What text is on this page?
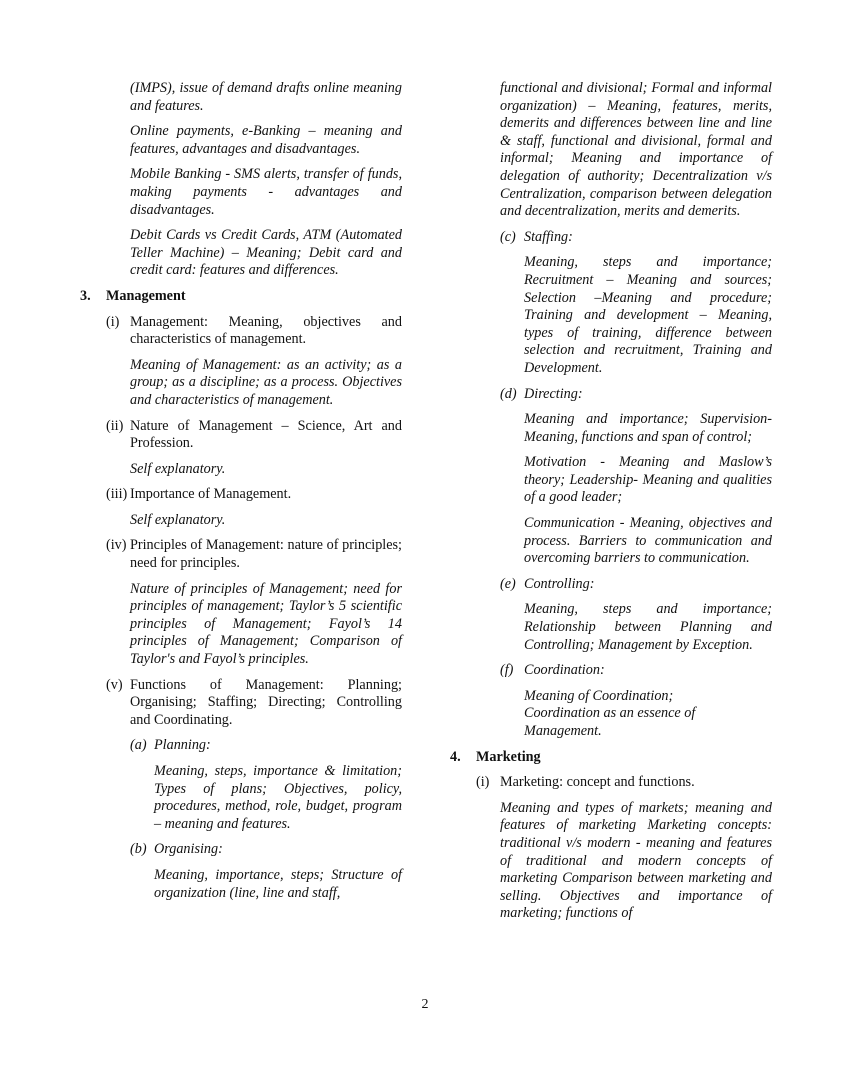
(IMPS), issue of demand drafts online meaning and features.

Online payments, e-Banking – meaning and features, advantages and disadvantages.

Mobile Banking - SMS alerts, transfer of funds, making payments - advantages and disadvantages.

Debit Cards vs Credit Cards, ATM (Automated Teller Machine) – Meaning; Debit card and credit card: features and differences.

3.	Management
(i) Management: Meaning, objectives and characteristics of management.

Meaning of Management: as an activity; as a group; as a discipline; as a process. Objectives and characteristics of management.

(ii) Nature of Management – Science, Art and Profession.

Self explanatory.

(iii) Importance of Management.

Self explanatory.

(iv) Principles of Management: nature of principles; need for principles.

Nature of principles of Management; need for principles of management; Taylor’s 5 scientific principles of Management; Fayol’s 14 principles of Management; Comparison of Taylor's and Fayol’s principles.

(v) Functions of Management: Planning; Organising; Staffing; Directing; Controlling and Coordinating.
(a) Planning:

Meaning, steps, importance & limitation; Types of plans; Objectives, policy, procedures, method, role, budget, program – meaning and features.

(b) Organising:

Meaning, importance, steps; Structure of organization (line, line and staff,

functional and divisional; Formal and informal organization) – Meaning, features, merits, demerits and differences between line and line & staff, functional and divisional, formal and informal; Meaning and importance of delegation of authority; Decentralization v/s Centralization, comparison between delegation and decentralization, merits and demerits.

(c) Staffing:

Meaning, steps and importance; Recruitment – Meaning and sources; Selection –Meaning and procedure; Training and development – Meaning, types of training, difference between selection and recruitment, Training and Development.

(d) Directing:

Meaning and importance; Supervision- Meaning, functions and span of control;

Motivation - Meaning and Maslow’s theory; Leadership- Meaning and qualities of a good leader;

Communication - Meaning, objectives and process. Barriers to communication and overcoming barriers to communication.

(e) Controlling:

Meaning, steps and importance; Relationship between Planning and Controlling; Management by Exception.

(f) Coordination:

Meaning of Coordination;
Coordination as an essence of
Management.

4.	Marketing
(i) Marketing: concept and functions.

Meaning and types of markets; meaning and features of marketing Marketing concepts: traditional v/s modern - meaning and features of traditional and modern concepts of marketing Comparison between marketing and selling. Objectives and importance of marketing; functions of

2
